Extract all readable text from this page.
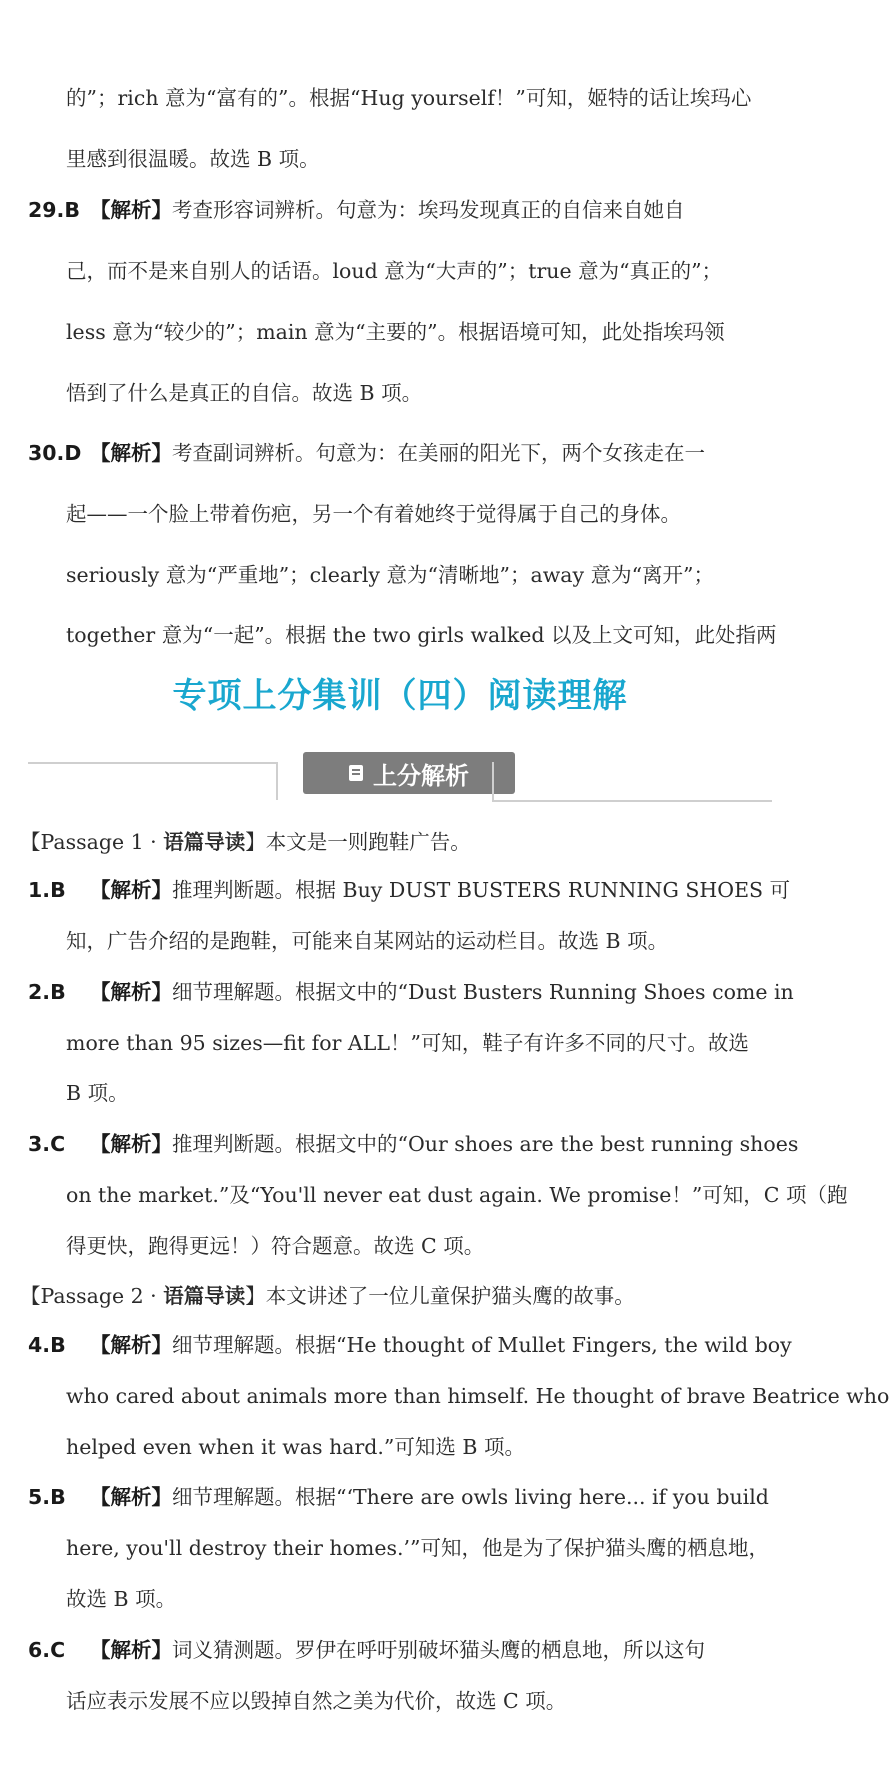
的”；rich 意为“富有的”。根据“Hug yourself！”可知，姬特的话让埃玛心
里感到很温暖。故选 B 项。
29.B 【解析】考查形容词辨析。句意为：埃玛发现真正的自信来自她自
己，而不是来自别人的话语。loud 意为“大声的”；true 意为“真正的”；
less 意为“较少的”；main 意为“主要的”。根据语境可知，此处指埃玛领
悟到了什么是真正的自信。故选 B 项。
30.D 【解析】考查副词辨析。句意为：在美丽的阳光下，两个女孩走在一
起——一个脸上带着伤疤，另一个有着她终于觉得属于自己的身体。
seriously 意为“严重地”；clearly 意为“清晰地”；away 意为“离开”；
together 意为“一起”。根据 the two girls walked 以及上文可知，此处指两
专项上分集训（四）阅读理解
上分解析
【Passage 1 · 语篇导读】本文是一则跑鞋广告。
1.B 【解析】推理判断题。根据 Buy DUST BUSTERS RUNNING SHOES 可
知，广告介绍的是跑鞋，可能来自某网站的运动栏目。故选 B 项。
2.B 【解析】细节理解题。根据文中的“Dust Busters Running Shoes come in
more than 95 sizes—fit for ALL！”可知，鞋子有许多不同的尺寸。故选
B 项。
3.C 【解析】推理判断题。根据文中的“Our shoes are the best running shoes
on the market.”及“You'll never eat dust again. We promise！”可知，C 项（跑
得更快，跑得更远！）符合题意。故选 C 项。
【Passage 2 · 语篇导读】本文讲述了一位儿童保护猫头鹰的故事。
4.B 【解析】细节理解题。根据“He thought of Mullet Fingers, the wild boy
who cared about animals more than himself. He thought of brave Beatrice who
helped even when it was hard.”可知选 B 项。
5.B 【解析】细节理解题。根据“‘There are owls living here... if you build
here, you'll destroy their homes.’”可知，他是为了保护猫头鹰的栖息地，
故选 B 项。
6.C 【解析】词义猜测题。罗伊在呼吁别破坏猫头鹰的栖息地，所以这句
话应表示发展不应以毁掉自然之美为代价，故选 C 项。
